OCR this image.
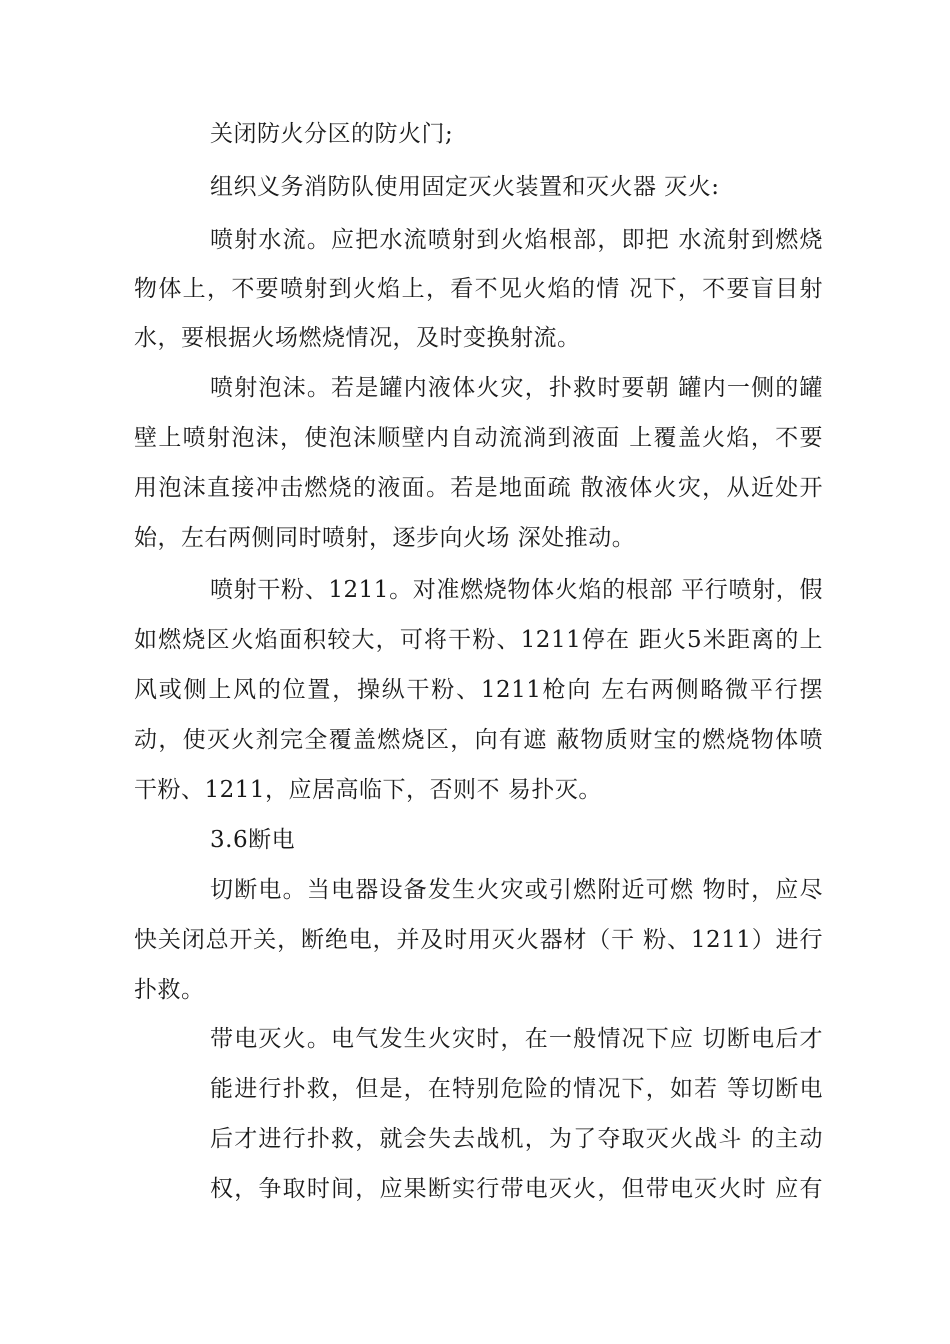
关闭防火分区的防火门;
组织义务消防队使用固定灭火装置和灭火器 灭火:
喷射水流。应把水流喷射到火焰根部，即把 水流射到燃烧
物体上，不要喷射到火焰上，看不见火焰的情 况下，不要盲目射
水，要根据火场燃烧情况，及时变换射流。
喷射泡沫。若是罐内液体火灾，扑救时要朝 罐内一侧的罐
壁上喷射泡沫，使泡沫顺壁内自动流淌到液面 上覆盖火焰，不要
用泡沫直接冲击燃烧的液面。若是地面疏 散液体火灾，从近处开
始，左右两侧同时喷射，逐步向火场 深处推动。
喷射干粉、1211。对准燃烧物体火焰的根部 平行喷射，假
如燃烧区火焰面积较大，可将干粉、1211停在 距火5米距离的上
风或侧上风的位置，操纵干粉、1211枪向 左右两侧略微平行摆
动，使灭火剂完全覆盖燃烧区，向有遮 蔽物质财宝的燃烧物体喷
干粉、1211，应居高临下，否则不 易扑灭。
3.6断电
切断电。当电器设备发生火灾或引燃附近可燃 物时，应尽
快关闭总开关，断绝电，并及时用灭火器材（干 粉、1211）进行
扑救。
带电灭火。电气发生火灾时，在一般情况下应 切断电后才
能进行扑救，但是，在特别危险的情况下，如若 等切断电
后才进行扑救，就会失去战机，为了夺取灭火战斗 的主动
权，争取时间，应果断实行带电灭火，但带电灭火时 应有
